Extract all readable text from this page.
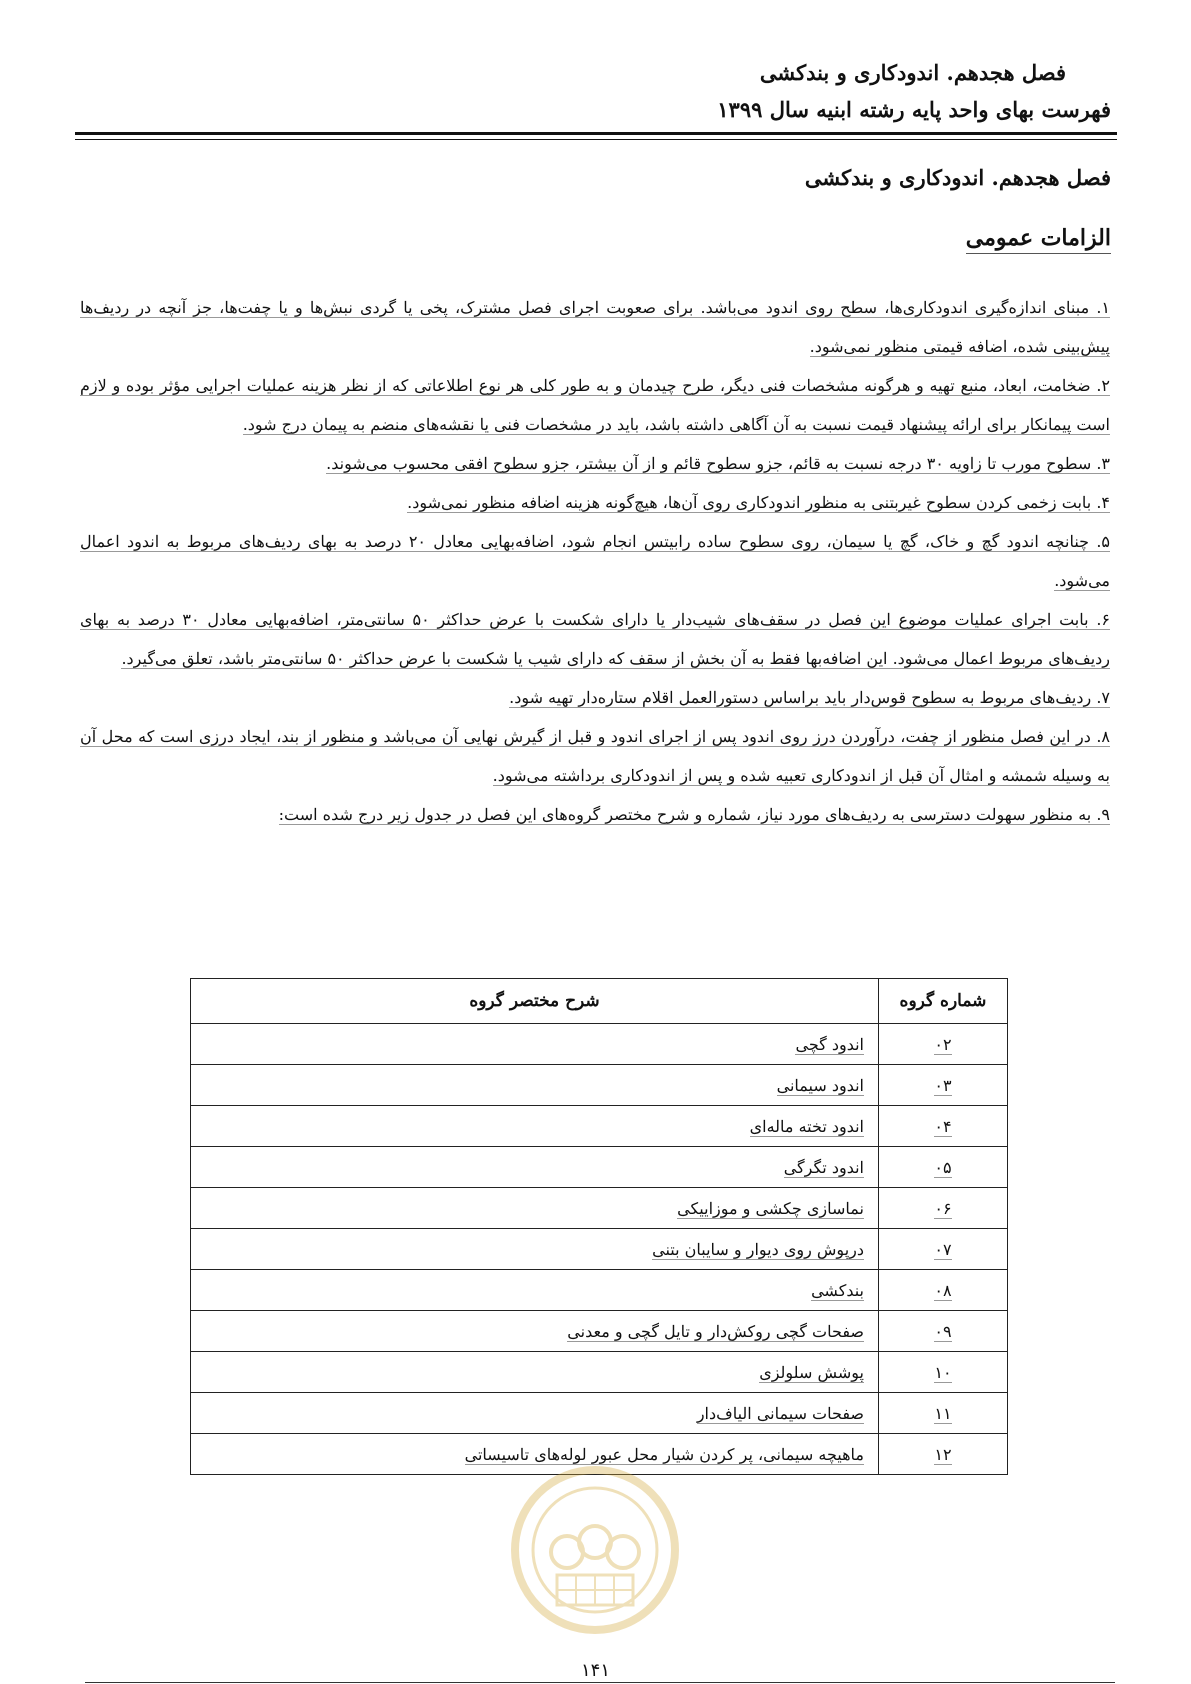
فصل هجدهم. اندودکاری و بندکشی
فهرست بهای واحد پایه رشته ابنیه سال ۱۳۹۹
فصل هجدهم. اندودکاری و بندکشی
الزامات عمومی

۱. مبنای اندازه‌گیری اندودکاری‌ها، سطح روی اندود می‌باشد. برای صعوبت اجرای فصل مشترک، پخی یا گردی نبش‌ها و یا چفت‌ها، جز آنچه در ردیف‌ها پیش‌بینی شده، اضافه قیمتی منظور نمی‌شود.

۲. ضخامت، ابعاد، منبع تهیه و هرگونه مشخصات فنی دیگر، طرح چیدمان و به طور کلی هر نوع اطلاعاتی که از نظر هزینه عملیات اجرایی مؤثر بوده و لازم است پیمانکار برای ارائه پیشنهاد قیمت نسبت به آن آگاهی داشته باشد، باید در مشخصات فنی یا نقشه‌های منضم به پیمان درج شود.

۳. سطوح مورب تا زاویه ۳۰ درجه نسبت به قائم، جزو سطوح قائم و از آن بیشتر، جزو سطوح افقی محسوب می‌شوند.

۴. بابت زخمی کردن سطوح غیربتنی به منظور اندودکاری روی آن‌ها، هیچ‌گونه هزینه اضافه منظور نمی‌شود.

۵. چنانچه اندود گچ و خاک، گچ یا سیمان، روی سطوح ساده رابیتس انجام شود، اضافه‌بهایی معادل ۲۰ درصد به بهای ردیف‌های مربوط به اندود اعمال می‌شود.

۶. بابت اجرای عملیات موضوع این فصل در سقف‌های شیب‌دار یا دارای شکست با عرض حداکثر ۵۰ سانتی‌متر، اضافه‌بهایی معادل ۳۰ درصد به بهای ردیف‌های مربوط اعمال می‌شود. این اضافه‌بها فقط به آن بخش از سقف که دارای شیب یا شکست با عرض حداکثر ۵۰ سانتی‌متر باشد، تعلق می‌گیرد.

۷. ردیف‌های مربوط به سطوح قوس‌دار باید براساس دستورالعمل اقلام ستاره‌دار تهیه شود.

۸. در این فصل منظور از چفت، درآوردن درز روی اندود پس از اجرای اندود و قبل از گیرش نهایی آن می‌باشد و منظور از بند، ایجاد درزی است که محل آن به وسیله شمشه و امثال آن قبل از اندودکاری تعبیه شده و پس از اندودکاری برداشته می‌شود.

۹. به منظور سهولت دسترسی به ردیف‌های مورد نیاز، شماره و شرح مختصر گروه‌های این فصل در جدول زیر درج شده است:

شماره گروه	شرح مختصر گروه
۰۲	اندود گچی
۰۳	اندود سیمانی
۰۴	اندود تخته ماله‌ای
۰۵	اندود تگرگی
۰۶	نماسازی چکشی و موزاییکی
۰۷	درپوش روی دیوار و سایبان بتنی
۰۸	بندکشی
۰۹	صفحات گچی روکش‌دار و تایل گچی و معدنی
۱۰	پوشش سلولزی
۱۱	صفحات سیمانی الیاف‌دار
۱۲	ماهیچه سیمانی، پر کردن شیار محل عبور لوله‌های تاسیساتی
۱۴۱
